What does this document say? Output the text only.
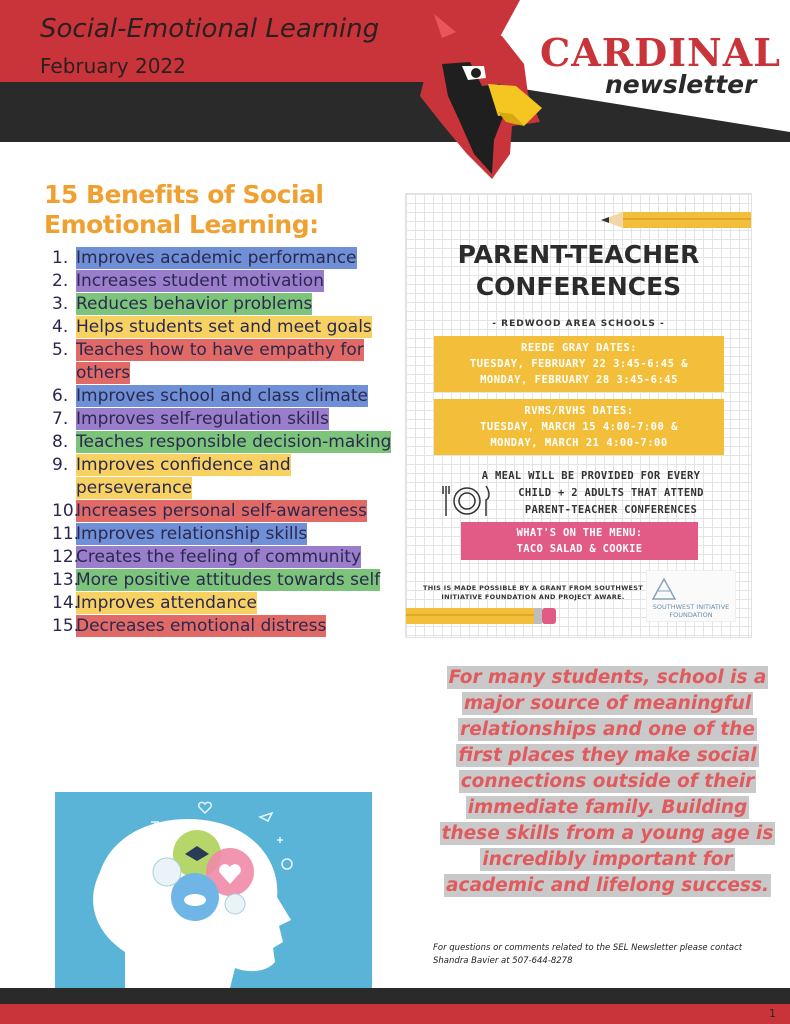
Social-Emotional Learning
February 2022	CARDINAL
newsletter
15 Benefits of Social
Emotional Learning:
1. Improves academic performance
2. Increases student motivation
3. Reduces behavior problems
4. Helps students set and meet goals
5. Teaches how to have empathy for others
6. Improves school and class climate
7. Improves self-regulation skills
8. Teaches responsible decision-making
9. Improves confidence and perseverance
10.
Increases personal self-awareness
11.
Improves relationship skills
12.
Creates the feeling of community
13.
More positive attitudes towards self
14.
Improves attendance
15.
Decreases emotional distress
PARENT-TEACHER
CONFERENCES
- REDWOOD AREA SCHOOLS -
REEDE GRAY DATES:
TUESDAY, FEBRUARY 22 3:45-6:45 &
MONDAY, FEBRUARY 28 3:45-6:45
RVMS/RVHS DATES:
TUESDAY, MARCH 15 4:00-7:00 &
MONDAY, MARCH 21 4:00-7:00
A MEAL WILL BE PROVIDED FOR EVERY
CHILD + 2 ADULTS THAT ATTEND
PARENT-TEACHER CONFERENCES
WHAT'S ON THE MENU:
TACO SALAD & COOKIE
THIS IS MADE POSSIBLE BY A GRANT FROM SOUTHWEST
INITIATIVE FOUNDATION AND PROJECT AWARE.
SOUTHWEST INITIATIVE
FOUNDATION
For many students, school is a major source of meaningful relationships and one of the first places they make social connections outside of their immediate family. Building these skills from a young age is incredibly important for academic and lifelong success.
For questions or comments related to the SEL Newsletter please contact
Shandra Bavier at 507-644-8278
1
